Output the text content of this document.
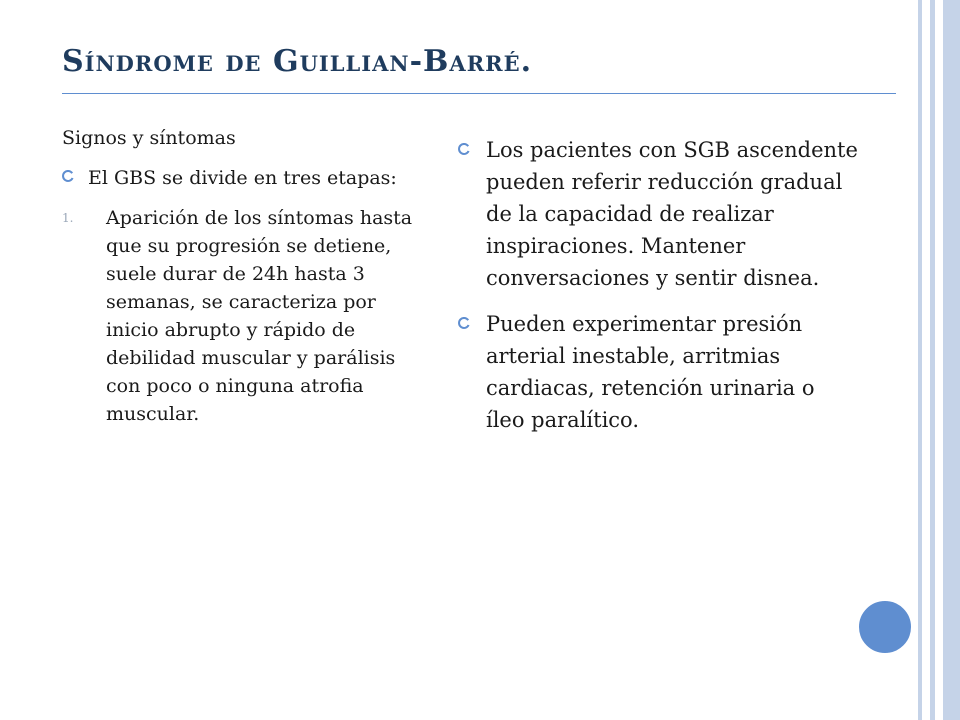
Síndrome de Guillian-Barré.

Signos y síntomas

El GBS se divide en tres etapas:
1. Aparición de los síntomas hasta que su progresión se detiene, suele durar de 24h hasta 3 semanas, se caracteriza por inicio abrupto y rápido de debilidad muscular y parálisis con poco o ninguna atrofia muscular.
Los pacientes con SGB ascendente pueden referir reducción gradual de la capacidad de realizar inspiraciones. Mantener conversaciones y sentir disnea.
Pueden experimentar presión arterial inestable, arritmias cardiacas, retención urinaria o íleo paralítico.
